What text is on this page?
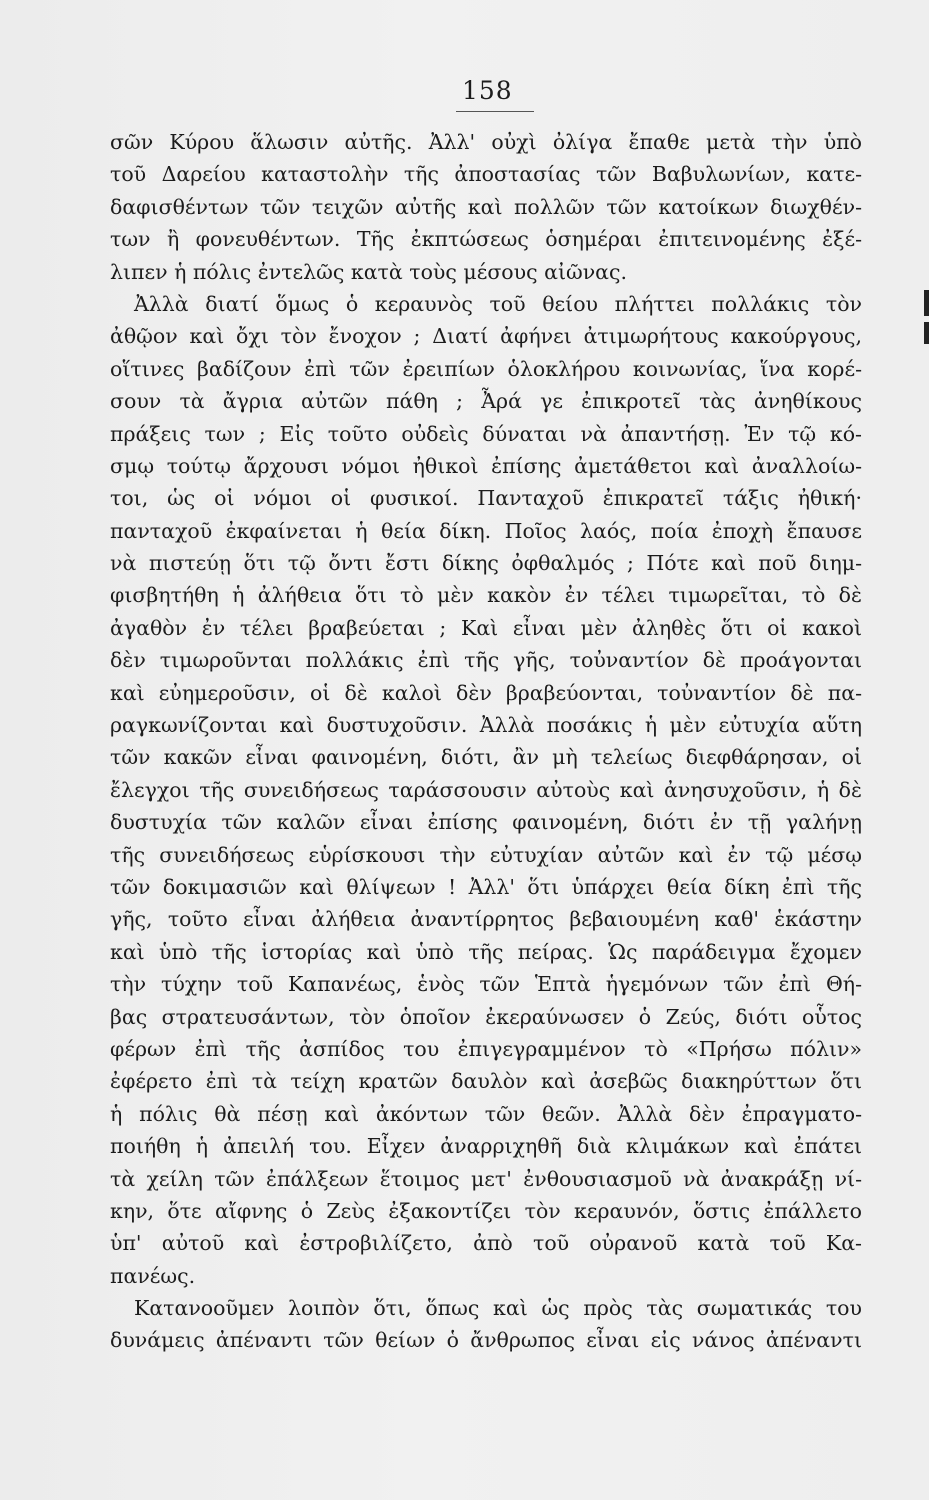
158
σῶν Κύρου ἅλωσιν αὐτῆς. Ἀλλ' οὐχὶ ὀλίγα ἔπαθε μετὰ τὴν ὑπὸ
τοῦ Δαρείου καταστολὴν τῆς ἀποστασίας τῶν Βαβυλωνίων, κατε-
δαφισθέντων τῶν τειχῶν αὐτῆς καὶ πολλῶν τῶν κατοίκων διωχθέν-
των ἢ φονευθέντων. Τῆς ἐκπτώσεως ὁσημέραι ἐπιτεινομένης ἐξέ-
λιπεν ἡ πόλις ἐντελῶς κατὰ τοὺς μέσους αἰῶνας.
Ἀλλὰ διατί ὅμως ὁ κεραυνὸς τοῦ θείου πλήττει πολλάκις τὸν
ἀθῷον καὶ ὄχι τὸν ἔνοχον ; Διατί ἀφήνει ἀτιμωρήτους κακούργους,
οἵτινες βαδίζουν ἐπὶ τῶν ἐρειπίων ὁλοκλήρου κοινωνίας, ἵνα κορέ-
σουν τὰ ἄγρια αὐτῶν πάθη ; Ἆρά γε ἐπικροτεῖ τὰς ἀνηθίκους
πράξεις των ; Εἰς τοῦτο οὐδεὶς δύναται νὰ ἀπαντήσῃ. Ἐν τῷ κό-
σμῳ τούτῳ ἄρχουσι νόμοι ἠθικοὶ ἐπίσης ἀμετάθετοι καὶ ἀναλλοίω-
τοι, ὡς οἱ νόμοι οἱ φυσικοί. Πανταχοῦ ἐπικρατεῖ τάξις ἠθική·
πανταχοῦ ἐκφαίνεται ἡ θεία δίκη. Ποῖος λαός, ποία ἐποχὴ ἔπαυσε
νὰ πιστεύῃ ὅτι τῷ ὄντι ἔστι δίκης ὀφθαλμός ; Πότε καὶ ποῦ διημ-
φισβητήθη ἡ ἀλήθεια ὅτι τὸ μὲν κακὸν ἐν τέλει τιμωρεῖται, τὸ δὲ
ἀγαθὸν ἐν τέλει βραβεύεται ; Καὶ εἶναι μὲν ἀληθὲς ὅτι οἱ κακοὶ
δὲν τιμωροῦνται πολλάκις ἐπὶ τῆς γῆς, τοὐναντίον δὲ προάγονται
καὶ εὐημεροῦσιν, οἱ δὲ καλοὶ δὲν βραβεύονται, τοὐναντίον δὲ πα-
ραγκωνίζονται καὶ δυστυχοῦσιν. Ἀλλὰ ποσάκις ἡ μὲν εὐτυχία αὕτη
τῶν κακῶν εἶναι φαινομένη, διότι, ἂν μὴ τελείως διεφθάρησαν, οἱ
ἔλεγχοι τῆς συνειδήσεως ταράσσουσιν αὐτοὺς καὶ ἀνησυχοῦσιν, ἡ δὲ
δυστυχία τῶν καλῶν εἶναι ἐπίσης φαινομένη, διότι ἐν τῇ γαλήνῃ
τῆς συνειδήσεως εὑρίσκουσι τὴν εὐτυχίαν αὐτῶν καὶ ἐν τῷ μέσῳ
τῶν δοκιμασιῶν καὶ θλίψεων ! Ἀλλ' ὅτι ὑπάρχει θεία δίκη ἐπὶ τῆς
γῆς, τοῦτο εἶναι ἀλήθεια ἀναντίρρητος βεβαιουμένη καθ' ἑκάστην
καὶ ὑπὸ τῆς ἱστορίας καὶ ὑπὸ τῆς πείρας. Ὡς παράδειγμα ἔχομεν
τὴν τύχην τοῦ Καπανέως, ἑνὸς τῶν Ἑπτὰ ἡγεμόνων τῶν ἐπὶ Θή-
βας στρατευσάντων, τὸν ὁποῖον ἐκεραύνωσεν ὁ Ζεύς, διότι οὗτος
φέρων ἐπὶ τῆς ἀσπίδος του ἐπιγεγραμμένον τὸ «Πρήσω πόλιν»
ἐφέρετο ἐπὶ τὰ τείχη κρατῶν δαυλὸν καὶ ἀσεβῶς διακηρύττων ὅτι
ἡ πόλις θὰ πέσῃ καὶ ἀκόντων τῶν θεῶν. Ἀλλὰ δὲν ἐπραγματο-
ποιήθη ἡ ἀπειλή του. Εἶχεν ἀναρριχηθῆ διὰ κλιμάκων καὶ ἐπάτει
τὰ χείλη τῶν ἐπάλξεων ἕτοιμος μετ' ἐνθουσιασμοῦ νὰ ἀνακράξῃ νί-
κην, ὅτε αἴφνης ὁ Ζεὺς ἐξακοντίζει τὸν κεραυνόν, ὅστις ἐπάλλετο
ὑπ' αὐτοῦ καὶ ἐστροβιλίζετο, ἀπὸ τοῦ οὐρανοῦ κατὰ τοῦ Κα-
πανέως.
Κατανοοῦμεν λοιπὸν ὅτι, ὅπως καὶ ὡς πρὸς τὰς σωματικάς του
δυνάμεις ἀπέναντι τῶν θείων ὁ ἄνθρωπος εἶναι εἰς νάνος ἀπέναντι
